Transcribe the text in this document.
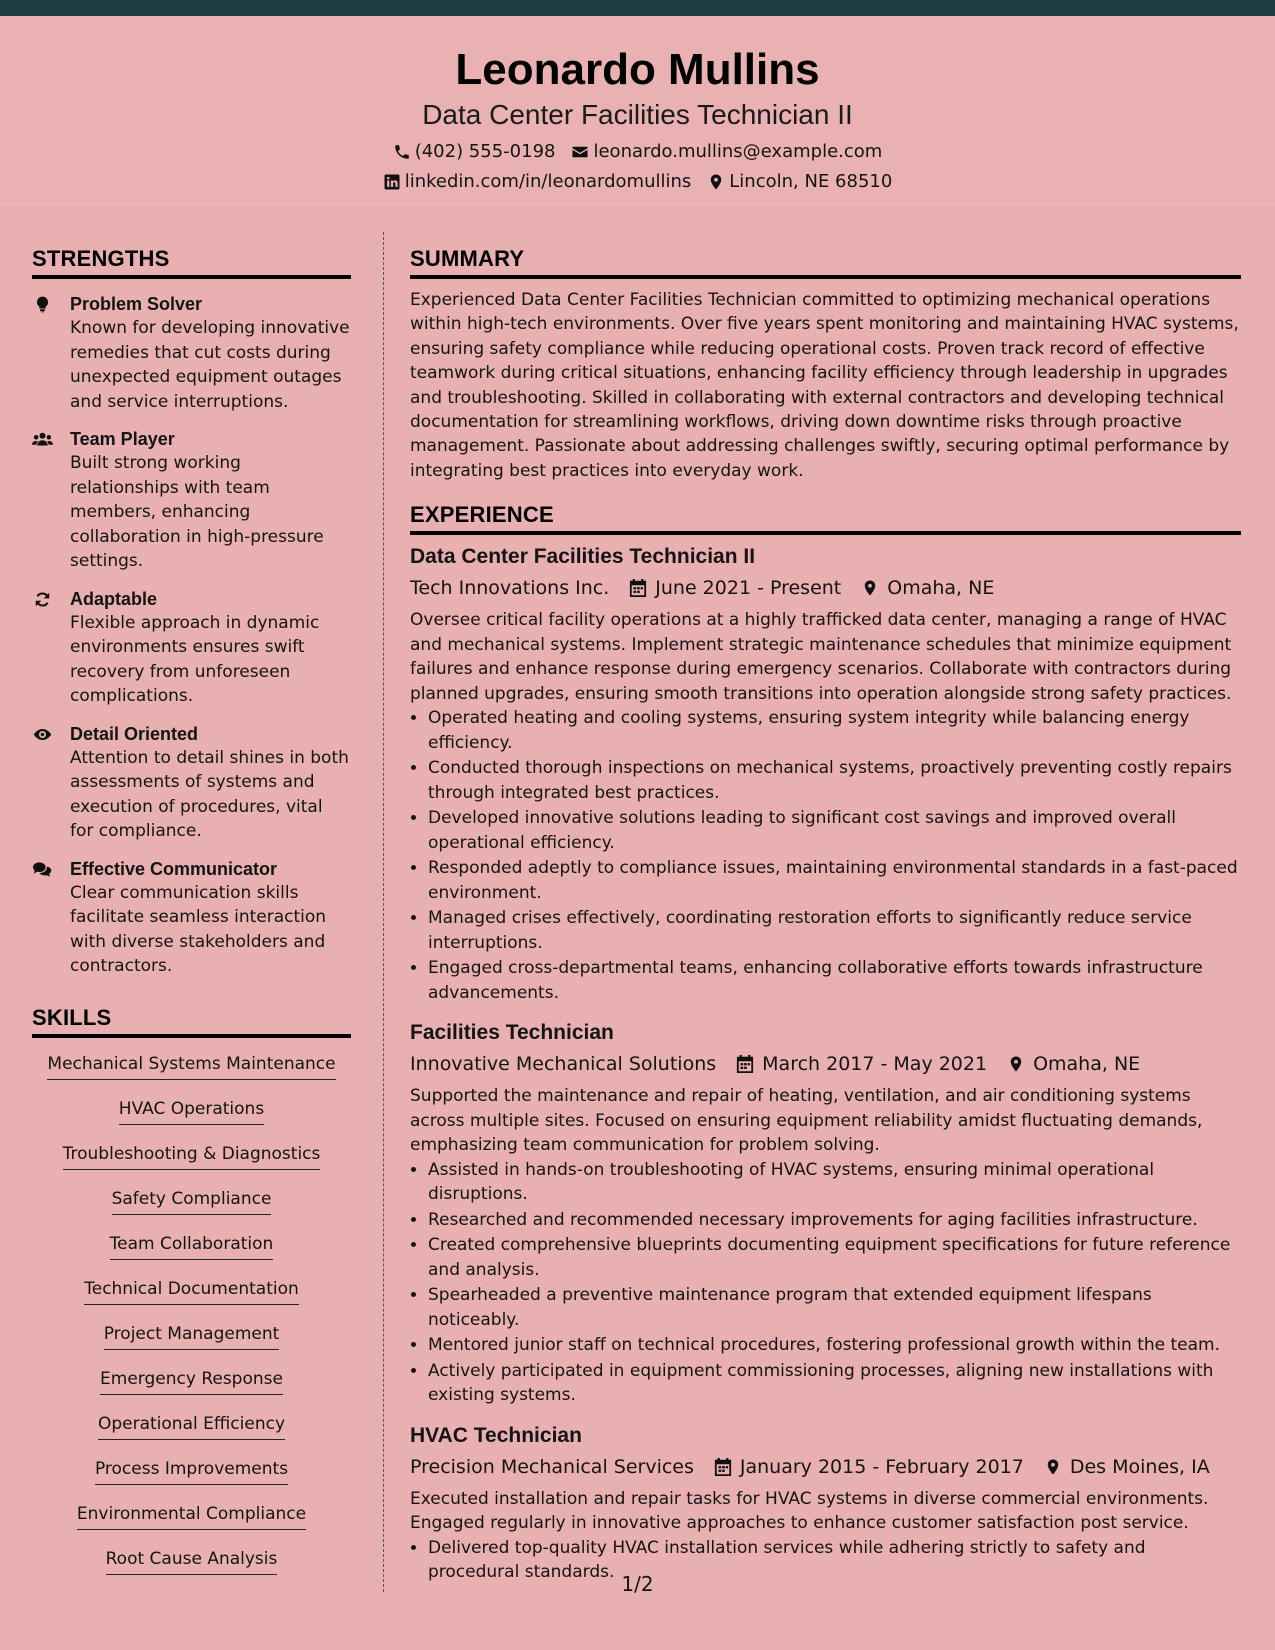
Leonardo Mullins
Data Center Facilities Technician II
(402) 555-0198 leonardo.mullins@example.com
linkedin.com/in/leonardomullins Lincoln, NE 68510
STRENGTHS
Problem Solver
Known for developing innovative remedies that cut costs during unexpected equipment outages and service interruptions.
Team Player
Built strong working relationships with team members, enhancing collaboration in high-pressure settings.
Adaptable
Flexible approach in dynamic environments ensures swift recovery from unforeseen complications.
Detail Oriented
Attention to detail shines in both assessments of systems and execution of procedures, vital for compliance.
Effective Communicator
Clear communication skills facilitate seamless interaction with diverse stakeholders and contractors.
SKILLS
Mechanical Systems Maintenance
HVAC Operations
Troubleshooting & Diagnostics
Safety Compliance
Team Collaboration
Technical Documentation
Project Management
Emergency Response
Operational Efficiency
Process Improvements
Environmental Compliance
Root Cause Analysis
SUMMARY
Experienced Data Center Facilities Technician committed to optimizing mechanical operations within high-tech environments. Over five years spent monitoring and maintaining HVAC systems, ensuring safety compliance while reducing operational costs. Proven track record of effective teamwork during critical situations, enhancing facility efficiency through leadership in upgrades and troubleshooting. Skilled in collaborating with external contractors and developing technical documentation for streamlining workflows, driving down downtime risks through proactive management. Passionate about addressing challenges swiftly, securing optimal performance by integrating best practices into everyday work.
EXPERIENCE
Data Center Facilities Technician II
Tech Innovations Inc. June 2021 - Present Omaha, NE
Oversee critical facility operations at a highly trafficked data center, managing a range of HVAC and mechanical systems. Implement strategic maintenance schedules that minimize equipment failures and enhance response during emergency scenarios. Collaborate with contractors during planned upgrades, ensuring smooth transitions into operation alongside strong safety practices.
• Operated heating and cooling systems, ensuring system integrity while balancing energy efficiency.
• Conducted thorough inspections on mechanical systems, proactively preventing costly repairs through integrated best practices.
• Developed innovative solutions leading to significant cost savings and improved overall operational efficiency.
• Responded adeptly to compliance issues, maintaining environmental standards in a fast-paced environment.
• Managed crises effectively, coordinating restoration efforts to significantly reduce service interruptions.
• Engaged cross-departmental teams, enhancing collaborative efforts towards infrastructure advancements.
Facilities Technician
Innovative Mechanical Solutions March 2017 - May 2021 Omaha, NE
Supported the maintenance and repair of heating, ventilation, and air conditioning systems across multiple sites. Focused on ensuring equipment reliability amidst fluctuating demands, emphasizing team communication for problem solving.
• Assisted in hands-on troubleshooting of HVAC systems, ensuring minimal operational disruptions.
• Researched and recommended necessary improvements for aging facilities infrastructure.
• Created comprehensive blueprints documenting equipment specifications for future reference and analysis.
• Spearheaded a preventive maintenance program that extended equipment lifespans noticeably.
• Mentored junior staff on technical procedures, fostering professional growth within the team.
• Actively participated in equipment commissioning processes, aligning new installations with existing systems.
HVAC Technician
Precision Mechanical Services January 2015 - February 2017 Des Moines, IA
Executed installation and repair tasks for HVAC systems in diverse commercial environments. Engaged regularly in innovative approaches to enhance customer satisfaction post service.
• Delivered top-quality HVAC installation services while adhering strictly to safety and procedural standards. 1/2
